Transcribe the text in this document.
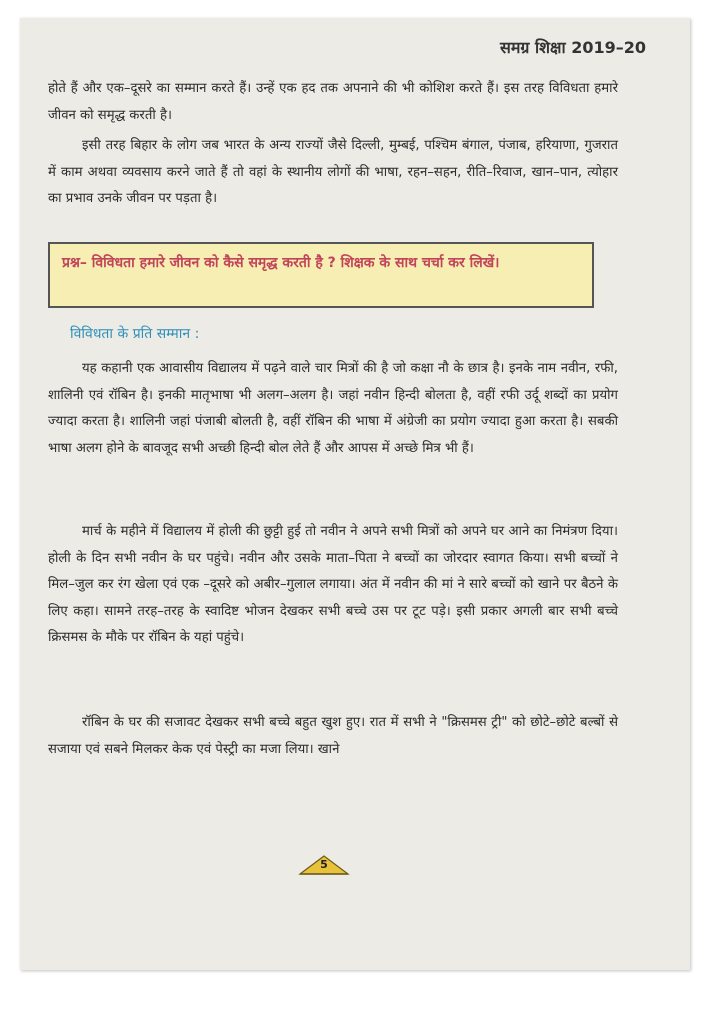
समग्र शिक्षा 2019–20
होते हैं और एक–दूसरे का सम्मान करते हैं। उन्हें एक हद तक अपनाने की भी कोशिश करते हैं। इस तरह विविधता हमारे जीवन को समृद्ध करती है।
इसी तरह बिहार के लोग जब भारत के अन्य राज्यों जैसे दिल्ली, मुम्बई, पश्चिम बंगाल, पंजाब, हरियाणा, गुजरात में काम अथवा व्यवसाय करने जाते हैं तो वहां के स्थानीय लोगों की भाषा, रहन–सहन, रीति–रिवाज, खान–पान, त्योहार का प्रभाव उनके जीवन पर पड़ता है।
प्रश्न– विविधता हमारे जीवन को कैसे समृद्ध करती है ? शिक्षक के साथ चर्चा कर लिखें।
विविधता के प्रति सम्मान :
यह कहानी एक आवासीय विद्यालय में पढ़ने वाले चार मित्रों की है जो कक्षा नौ के छात्र है। इनके नाम नवीन, रफी, शालिनी एवं रॉबिन है। इनकी मातृभाषा भी अलग–अलग है। जहां नवीन हिन्दी बोलता है, वहीं रफी उर्दू शब्दों का प्रयोग ज्यादा करता है। शालिनी जहां पंजाबी बोलती है, वहीं रॉबिन की भाषा में अंग्रेजी का प्रयोग ज्यादा हुआ करता है। सबकी भाषा अलग होने के बावजूद सभी अच्छी हिन्दी बोल लेते हैं और आपस में अच्छे मित्र भी हैं।
मार्च के महीने में विद्यालय में होली की छुट्टी हुई तो नवीन ने अपने सभी मित्रों को अपने घर आने का निमंत्रण दिया। होली के दिन सभी नवीन के घर पहुंचे। नवीन और उसके माता–पिता ने बच्चों का जोरदार स्वागत किया। सभी बच्चों ने मिल–जुल कर रंग खेला एवं एक –दूसरे को अबीर–गुलाल लगाया। अंत में नवीन की मां ने सारे बच्चों को खाने पर बैठने के लिए कहा। सामने तरह–तरह के स्वादिष्ट भोजन देखकर सभी बच्चे उस पर टूट पड़े। इसी प्रकार अगली बार सभी बच्चे क्रिसमस के मौके पर रॉबिन के यहां पहुंचे।
रॉबिन के घर की सजावट देखकर सभी बच्चे बहुत खुश हुए। रात में सभी ने "क्रिसमस ट्री" को छोटे–छोटे बल्बों से सजाया एवं सबने मिलकर केक एवं पेस्ट्री का मजा लिया। खाने
5
